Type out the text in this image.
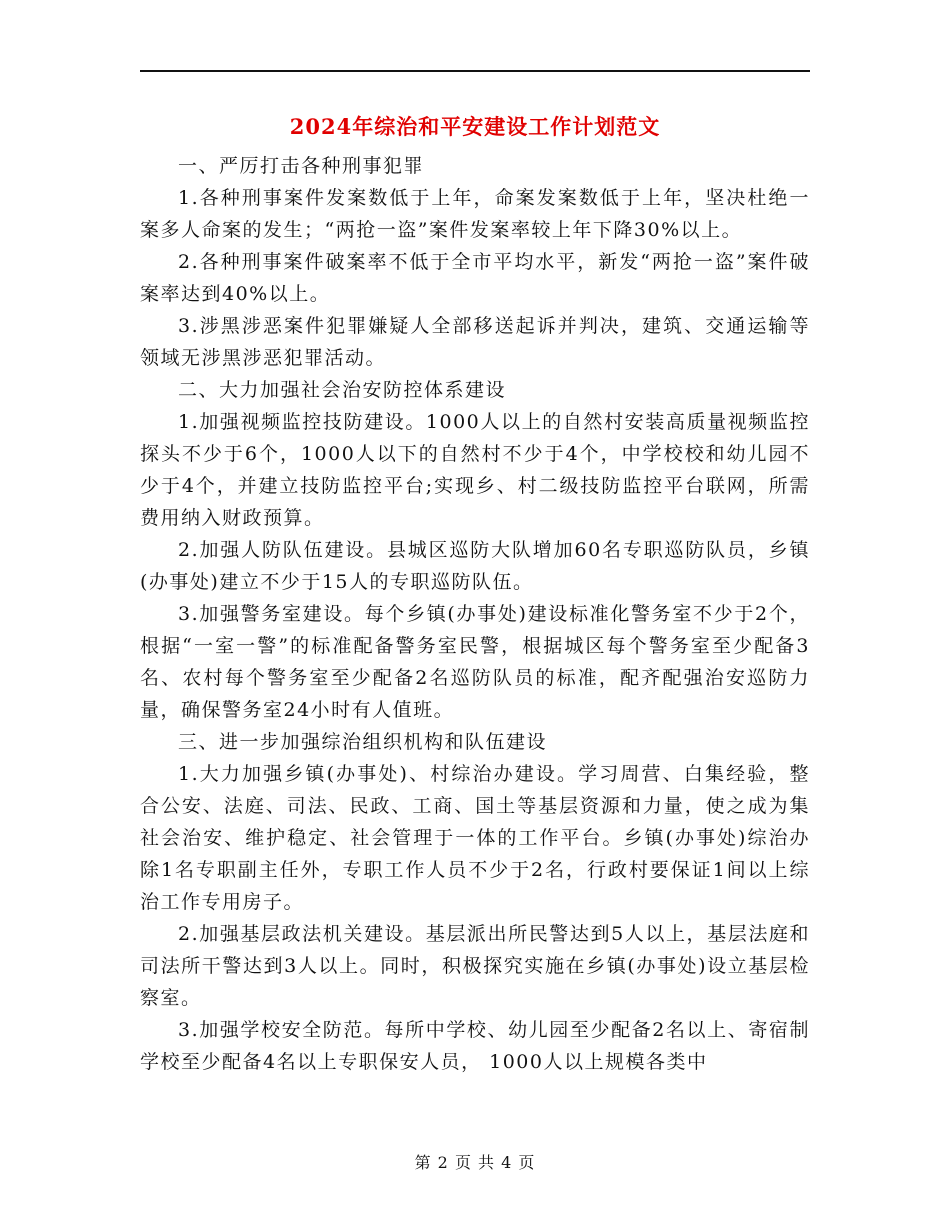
2024年综治和平安建设工作计划范文

一、严厉打击各种刑事犯罪

1.各种刑事案件发案数低于上年，命案发案数低于上年，坚决杜绝一案多人命案的发生；“两抢一盗”案件发案率较上年下降30%以上。

2.各种刑事案件破案率不低于全市平均水平，新发“两抢一盗”案件破案率达到40%以上。

3.涉黑涉恶案件犯罪嫌疑人全部移送起诉并判决，建筑、交通运输等领域无涉黑涉恶犯罪活动。

二、大力加强社会治安防控体系建设

1.加强视频监控技防建设。1000人以上的自然村安装高质量视频监控探头不少于6个，1000人以下的自然村不少于4个，中学校校和幼儿园不少于4个，并建立技防监控平台;实现乡、村二级技防监控平台联网，所需费用纳入财政预算。

2.加强人防队伍建设。县城区巡防大队增加60名专职巡防队员，乡镇(办事处)建立不少于15人的专职巡防队伍。

3.加强警务室建设。每个乡镇(办事处)建设标准化警务室不少于2个，根据“一室一警”的标准配备警务室民警，根据城区每个警务室至少配备3名、农村每个警务室至少配备2名巡防队员的标准，配齐配强治安巡防力量，确保警务室24小时有人值班。

三、进一步加强综治组织机构和队伍建设

1.大力加强乡镇(办事处)、村综治办建设。学习周营、白集经验，整合公安、法庭、司法、民政、工商、国土等基层资源和力量，使之成为集社会治安、维护稳定、社会管理于一体的工作平台。乡镇(办事处)综治办除1名专职副主任外，专职工作人员不少于2名，行政村要保证1间以上综治工作专用房子。

2.加强基层政法机关建设。基层派出所民警达到5人以上，基层法庭和司法所干警达到3人以上。同时，积极探究实施在乡镇(办事处)设立基层检察室。

3.加强学校安全防范。每所中学校、幼儿园至少配备2名以上、寄宿制学校至少配备4名以上专职保安人员， 1000人以上规模各类中

第 2 页 共 4 页
